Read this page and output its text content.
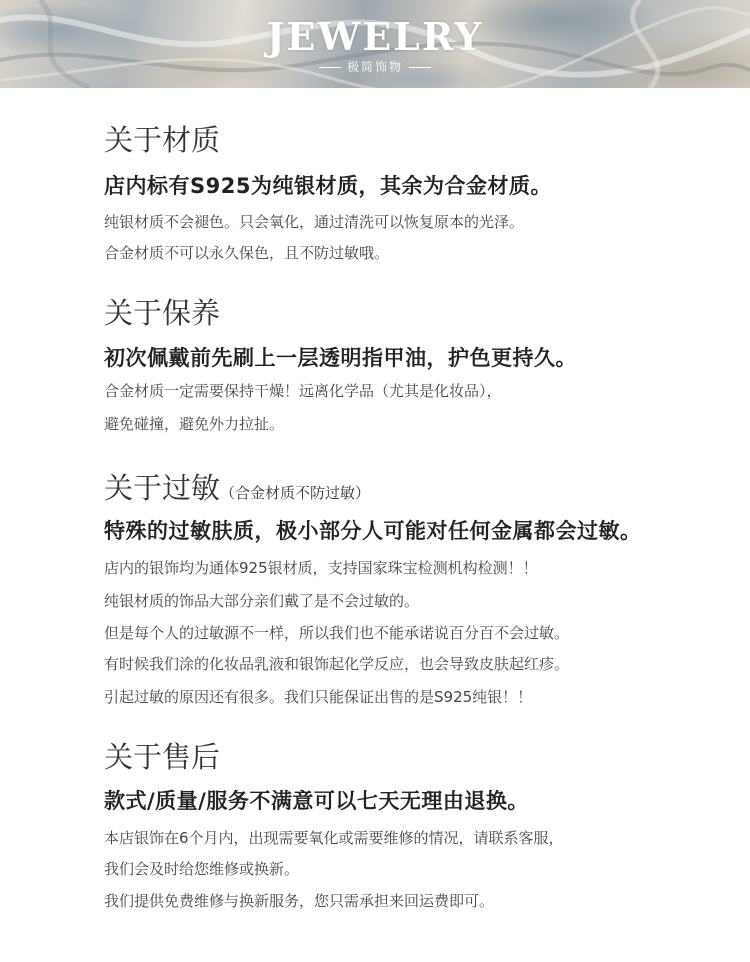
JEWELRY
极简饰物
关于材质
店内标有S925为纯银材质，其余为合金材质。
纯银材质不会褪色。只会氧化，通过清洗可以恢复原本的光泽。
合金材质不可以永久保色，且不防过敏哦。
关于保养
初次佩戴前先刷上一层透明指甲油，护色更持久。
合金材质一定需要保持干燥！远离化学品（尤其是化妆品），
避免碰撞，避免外力拉扯。
关于过敏（合金材质不防过敏）
特殊的过敏肤质，极小部分人可能对任何金属都会过敏。
店内的银饰均为通体925银材质，支持国家珠宝检测机构检测！！
纯银材质的饰品大部分亲们戴了是不会过敏的。
但是每个人的过敏源不一样，所以我们也不能承诺说百分百不会过敏。
有时候我们涂的化妆品乳液和银饰起化学反应，也会导致皮肤起红疹。
引起过敏的原因还有很多。我们只能保证出售的是S925纯银！！
关于售后
款式/质量/服务不满意可以七天无理由退换。
本店银饰在6个月内，出现需要氧化或需要维修的情况，请联系客服，
我们会及时给您维修或换新。
我们提供免费维修与换新服务，您只需承担来回运费即可。
